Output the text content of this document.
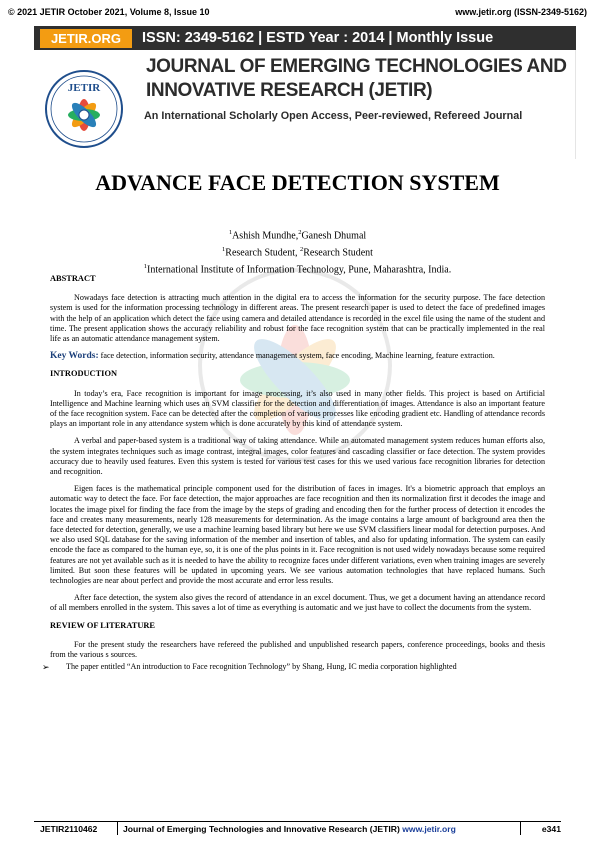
© 2021 JETIR October 2021, Volume 8, Issue 10	www.jetir.org (ISSN-2349-5162)
JETIR.ORG	ISSN: 2349-5162 | ESTD Year : 2014 | Monthly Issue
JETIR
JOURNAL OF EMERGING TECHNOLOGIES AND
INNOVATIVE RESEARCH (JETIR)
An International Scholarly Open Access, Peer-reviewed, Refereed Journal
ADVANCE FACE DETECTION SYSTEM
$^1$Ashish Mundhe,$^2$Ganesh Dhumal
$^1$Research Student, $^2$Research Student
$^1$International Institute of Information Technology, Pune, Maharashtra, India.
ABSTRACT
Nowadays face detection is attracting much attention in the digital era to access the information for the security purpose. The face detection system is used for the information processing technology in different areas. The present research paper is used to detect the face of predefined images with the help of an application which detect the face using camera and detailed attendance is recorded in the excel file using the name of the student and time. The present application shows the accuracy reliability and robust for the face recognition system that can be practically implemented in the real life as an automatic attendance management system.
Key Words: face detection, information security, attendance management system, face encoding, Machine learning, feature extraction.
INTRODUCTION
In today’s era, Face recognition is important for image processing, it’s also used in many other fields. This project is based on Artificial Intelligence and Machine learning which uses an SVM classifier for the detection and differentiation of images. Attendance is also an important feature of the face recognition system. Face can be detected after the completion of various processes like encoding gradient etc. Handling of attendance records plays an important role in any attendance system which is done accurately by this kind of attendance system.
A verbal and paper-based system is a traditional way of taking attendance. While an automated management system reduces human efforts also, the system integrates techniques such as image contrast, integral images, color features and cascading classifier or face detection. The system provides accuracy due to heavily used features. Even this system is tested for various test cases for this we used various face recognition libraries for detection and recognition.
Eigen faces is the mathematical principle component used for the distribution of faces in images. It's a biometric approach that employs an automatic way to detect the face. For face detection, the major approaches are face recognition and then its normalization first it decodes the image and locates the image pixel for finding the face from the image by the steps of grading and encoding then for the further process of detection it encodes the face and creates many measurements, nearly 128 measurements for determination. As the image contains a large amount of background area then the face detected for detection, generally, we use a machine learning based library but here we use SVM classifiers linear modal for detection purposes. And we also used SQL database for the saving information of the member and insertion of tables, and also for updating information. The system can easily encode the face as compared to the human eye, so, it is one of the plus points in it. Face recognition is not used widely nowadays because some required features are not yet available such as it is needed to have the ability to recognize faces under different variations, even when training images are severely limited. But soon these features will be updated in upcoming years. We see various automation technologies that have replaced humans. Such technologies are near about perfect and provide the most accurate and error less results.
After face detection, the system also gives the record of attendance in an excel document. Thus, we get a document having an attendance record of all members enrolled in the system. This saves a lot of time as everything is automatic and we just have to collect the documents from the system.
REVIEW OF LITERATURE
For the present study the researchers have refereed the published and unpublished research papers, conference proceedings, books and thesis from the various s sources.
➢ The paper entitled “An introduction to Face recognition Technology” by Shang, Hung, IC media corporation highlighted
JETIR2110462	Journal of Emerging Technologies and Innovative Research (JETIR) www.jetir.org	e341
